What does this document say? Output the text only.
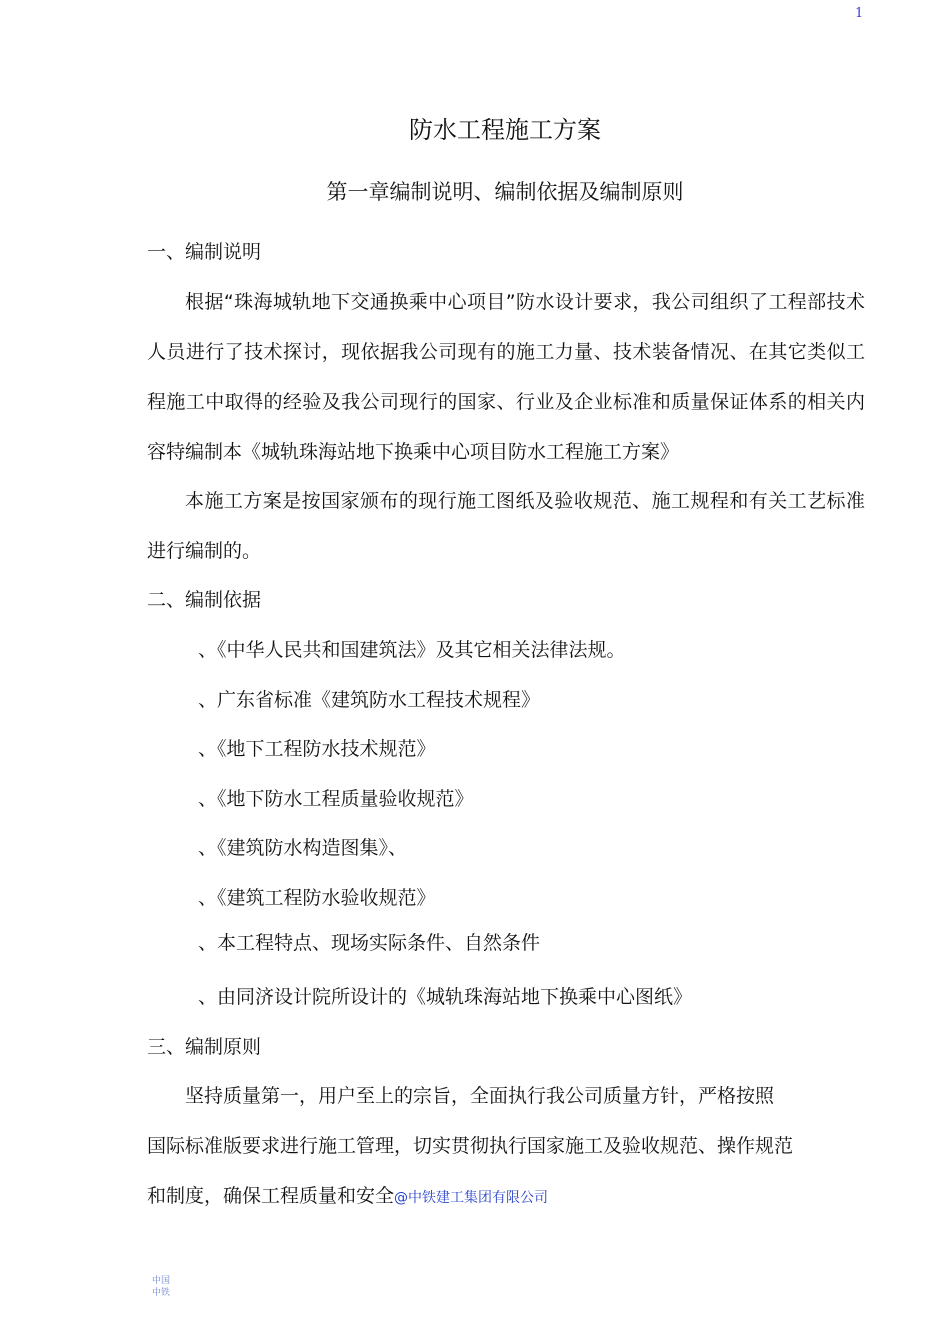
1
防水工程施工方案
第一章编制说明、编制依据及编制原则
一、编制说明
根据“珠海城轨地下交通换乘中心项目”防水设计要求，我公司组织了工程部技术人员进行了技术探讨，现依据我公司现有的施工力量、技术装备情况、在其它类似工程施工中取得的经验及我公司现行的国家、行业及企业标准和质量保证体系的相关内容特编制本《城轨珠海站地下换乘中心项目防水工程施工方案》
本施工方案是按国家颁布的现行施工图纸及验收规范、施工规程和有关工艺标准进行编制的。
二、编制依据
、《中华人民共和国建筑法》及其它相关法律法规。
、广东省标准《建筑防水工程技术规程》
、《地下工程防水技术规范》
、《地下防水工程质量验收规范》
、《建筑防水构造图集》、
、《建筑工程防水验收规范》
、本工程特点、现场实际条件、自然条件
、由同济设计院所设计的《城轨珠海站地下换乘中心图纸》
三、编制原则
坚持质量第一，用户至上的宗旨，全面执行我公司质量方针，严格按照
国际标准版要求进行施工管理，切实贯彻执行国家施工及验收规范、操作规范
和制度，确保工程质量和安全@中铁建工集团有限公司
中国
中铁
